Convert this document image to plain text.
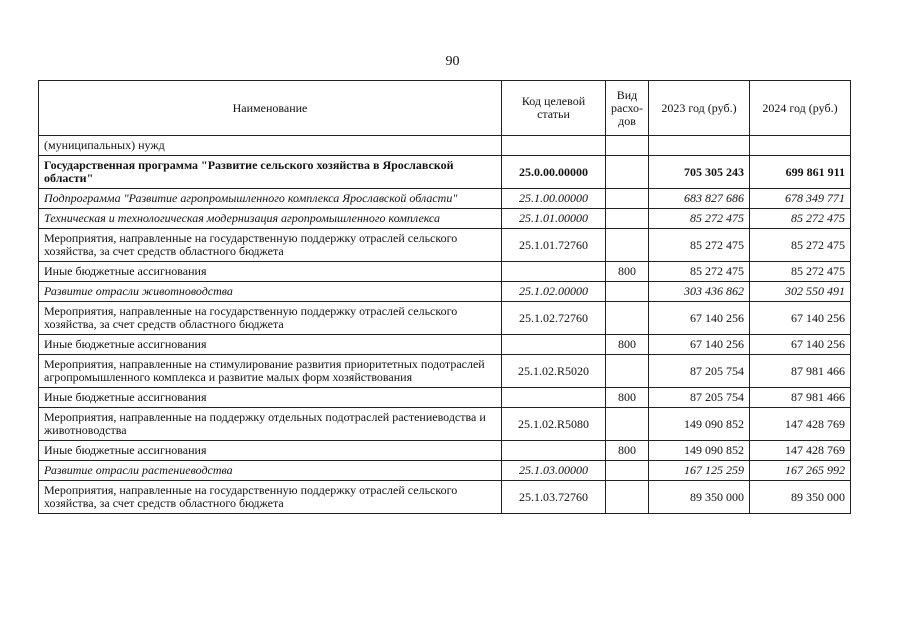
90
Наименование	Код целевой статьи	Вид расхо-дов	2023 год (руб.)	2024 год (руб.)
(муниципальных) нужд				
Государственная программа "Развитие сельского хозяйства в Ярославской области"	25.0.00.00000		705 305 243	699 861 911
Подпрограмма "Развитие агропромышленного комплекса Ярославской области"	25.1.00.00000		683 827 686	678 349 771
Техническая и технологическая модернизация агропромышленного комплекса	25.1.01.00000		85 272 475	85 272 475
Мероприятия, направленные на государственную поддержку отраслей сельского хозяйства, за счет средств областного бюджета	25.1.01.72760		85 272 475	85 272 475
Иные бюджетные ассигнования		800	85 272 475	85 272 475
Развитие отрасли животноводства	25.1.02.00000		303 436 862	302 550 491
Мероприятия, направленные на государственную поддержку отраслей сельского хозяйства, за счет средств областного бюджета	25.1.02.72760		67 140 256	67 140 256
Иные бюджетные ассигнования		800	67 140 256	67 140 256
Мероприятия, направленные на стимулирование развития приоритетных подотраслей агропромышленного комплекса и развитие малых форм хозяйствования	25.1.02.R5020		87 205 754	87 981 466
Иные бюджетные ассигнования		800	87 205 754	87 981 466
Мероприятия, направленные на поддержку отдельных подотраслей растениеводства и животноводства	25.1.02.R5080		149 090 852	147 428 769
Иные бюджетные ассигнования		800	149 090 852	147 428 769
Развитие отрасли растениеводства	25.1.03.00000		167 125 259	167 265 992
Мероприятия, направленные на государственную поддержку отраслей сельского хозяйства, за счет средств областного бюджета	25.1.03.72760		89 350 000	89 350 000
